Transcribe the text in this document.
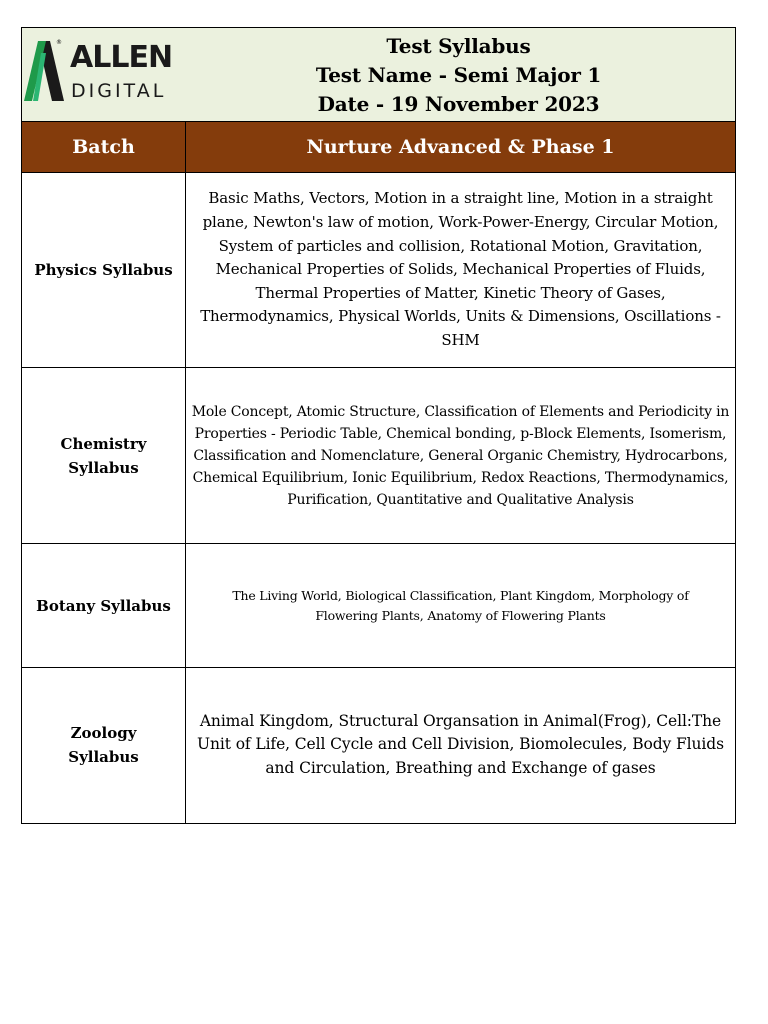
® ALLEN
DIGITAL
Test Syllabus
Test Name - Semi Major 1
Date - 19 November 2023
Batch	Nurture Advanced & Phase 1
Physics Syllabus	Basic Maths, Vectors, Motion in a straight line, Motion in a straight plane, Newton's law of motion, Work-Power-Energy, Circular Motion, System of particles and collision, Rotational Motion, Gravitation, Mechanical Properties of Solids, Mechanical Properties of Fluids, Thermal Properties of Matter, Kinetic Theory of Gases, Thermodynamics, Physical Worlds, Units & Dimensions, Oscillations - SHM
Chemistry Syllabus	Mole Concept, Atomic Structure, Classification of Elements and Periodicity in Properties - Periodic Table, Chemical bonding, p-Block Elements, Isomerism, Classification and Nomenclature, General Organic Chemistry, Hydrocarbons, Chemical Equilibrium, Ionic Equilibrium, Redox Reactions, Thermodynamics, Purification, Quantitative and Qualitative Analysis
Botany Syllabus	The Living World, Biological Classification, Plant Kingdom, Morphology of Flowering Plants, Anatomy of Flowering Plants
Zoology Syllabus	Animal Kingdom, Structural Organsation in Animal(Frog), Cell:The Unit of Life, Cell Cycle and Cell Division, Biomolecules, Body Fluids and Circulation, Breathing and Exchange of gases
